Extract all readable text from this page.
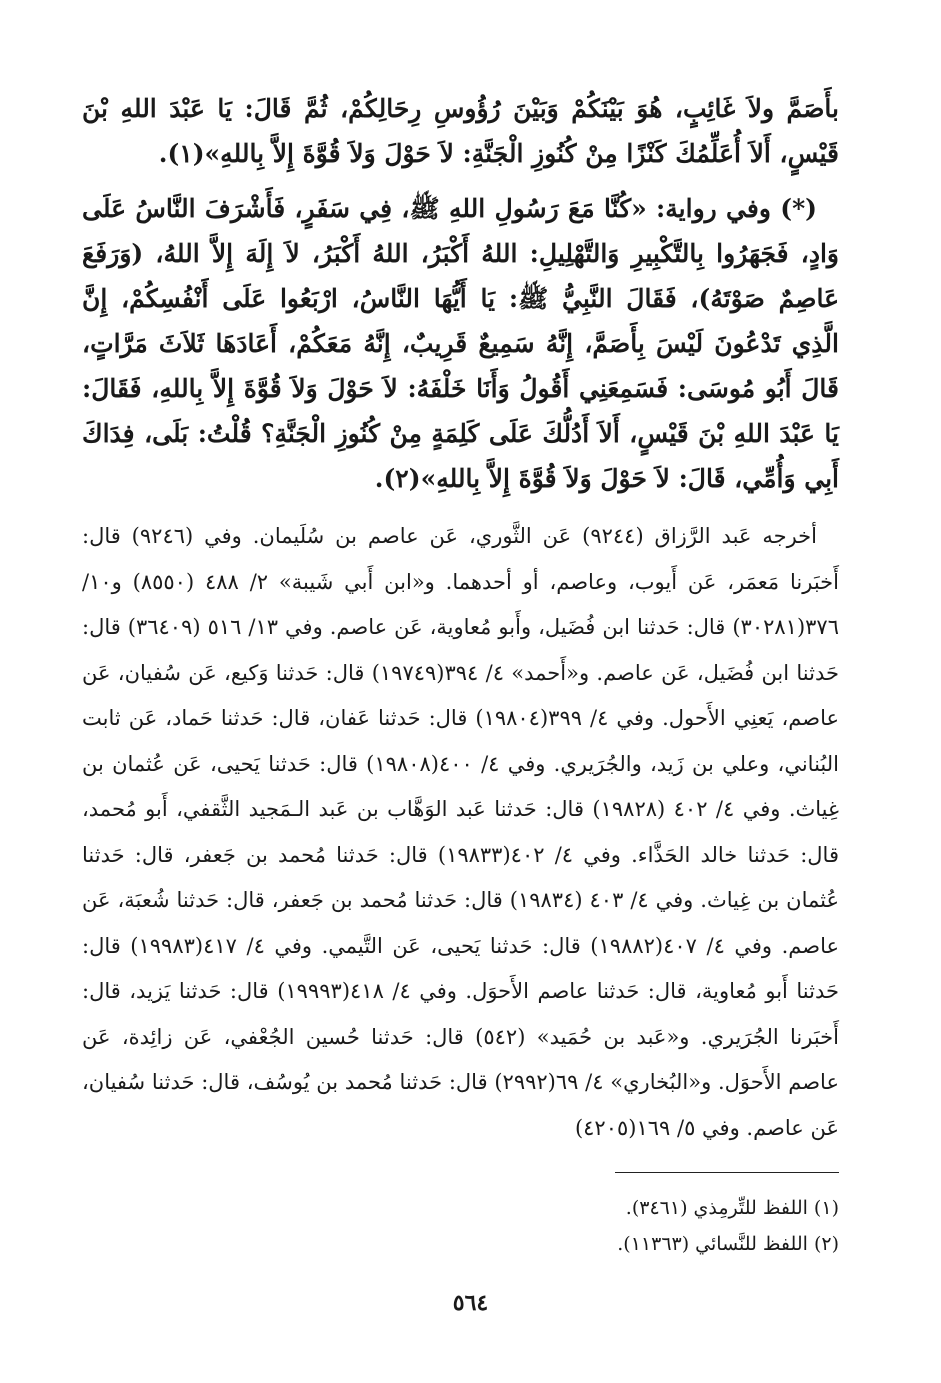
بأَصَمَّ ولاَ غَائِبٍ، هُوَ بَيْنَكُمْ وَبَيْنَ رُؤُوسِ رِحَالِكُمْ، ثُمَّ قَالَ: يَا عَبْدَ اللهِ بْنَ قَيْسٍ، أَلاَ أُعَلِّمُكَ كَنْزًا مِنْ كُنُوزِ الْجَنَّةِ: لاَ حَوْلَ وَلاَ قُوَّةَ إِلاَّ بِاللهِ»(١).

(*) وفي رواية: «كُنَّا مَعَ رَسُولِ اللهِ ﷺ، فِي سَفَرٍ، فَأَشْرَفَ النَّاسُ عَلَى وَادٍ، فَجَهَرُوا بِالتَّكْبِيرِ وَالتَّهْلِيلِ: اللهُ أَكْبَرُ، اللهُ أَكْبَرُ، لاَ إِلَهَ إِلاَّ اللهُ، (وَرَفَعَ عَاصِمٌ صَوْتَهُ)، فَقَالَ النَّبِيُّ ﷺ: يَا أَيُّهَا النَّاسُ، ارْبَعُوا عَلَى أَنْفُسِكُمْ، إِنَّ الَّذِي تَدْعُونَ لَيْسَ بِأَصَمَّ، إِنَّهُ سَمِيعٌ قَرِيبٌ، إِنَّهُ مَعَكُمْ، أَعَادَهَا ثَلاَثَ مَرَّاتٍ، قَالَ أَبُو مُوسَى: فَسَمِعَنِي أَقُولُ وَأَنَا خَلْفَهُ: لاَ حَوْلَ وَلاَ قُوَّةَ إِلاَّ بِاللهِ، فَقَالَ: يَا عَبْدَ اللهِ بْنَ قَيْسٍ، أَلاَ أَدُلُّكَ عَلَى كَلِمَةٍ مِنْ كُنُوزِ الْجَنَّةِ؟ قُلْتُ: بَلَى، فِدَاكَ أَبِي وَأُمِّي، قَالَ: لاَ حَوْلَ وَلاَ قُوَّةَ إِلاَّ بِاللهِ»(٢).

أخرجه عَبد الرَّزاق (٩٢٤٤) عَن الثَّوري، عَن عاصم بن سُلَيمان. وفي (٩٢٤٦) قال: أَخبَرنا مَعمَر، عَن أَيوب، وعاصم، أو أحدهما. و«ابن أَبي شَيبة» ٢/ ٤٨٨ (٨٥٥٠) و١٠/ ٣٧٦(٣٠٢٨١) قال: حَدثنا ابن فُضَيل، وأَبو مُعاوية، عَن عاصم. وفي ١٣/ ٥١٦ (٣٦٤٠٩) قال: حَدثنا ابن فُضَيل، عَن عاصم. و«أَحمد» ٤/ ٣٩٤(١٩٧٤٩) قال: حَدثنا وَكيع، عَن سُفيان، عَن عاصم، يَعنِي الأَحول. وفي ٤/ ٣٩٩(١٩٨٠٤) قال: حَدثنا عَفان، قال: حَدثنا حَماد، عَن ثابت البُناني، وعلي بن زَيد، والجُرَيري. وفي ٤/ ٤٠٠(١٩٨٠٨) قال: حَدثنا يَحيى، عَن عُثمان بن غِياث. وفي ٤/ ٤٠٢ (١٩٨٢٨) قال: حَدثنا عَبد الوَهَّاب بن عَبد الـمَجيد الثَّقفي، أَبو مُحمد، قال: حَدثنا خالد الحَذَّاء. وفي ٤/ ٤٠٢(١٩٨٣٣) قال: حَدثنا مُحمد بن جَعفر، قال: حَدثنا عُثمان بن غِياث. وفي ٤/ ٤٠٣ (١٩٨٣٤) قال: حَدثنا مُحمد بن جَعفر، قال: حَدثنا شُعبَة، عَن عاصم. وفي ٤/ ٤٠٧(١٩٨٨٢) قال: حَدثنا يَحيى، عَن التَّيمي. وفي ٤/ ٤١٧(١٩٩٨٣) قال: حَدثنا أَبو مُعاوية، قال: حَدثنا عاصم الأَحوَل. وفي ٤/ ٤١٨(١٩٩٩٣) قال: حَدثنا يَزيد، قال: أَخبَرنا الجُرَيري. و«عَبد بن حُمَيد» (٥٤٢) قال: حَدثنا حُسين الجُعْفي، عَن زائِدة، عَن عاصم الأَحوَل. و«البُخاري» ٤/ ٦٩(٢٩٩٢) قال: حَدثنا مُحمد بن يُوسُف، قال: حَدثنا سُفيان، عَن عاصم. وفي ٥/ ١٦٩(٤٢٠٥)

(١) اللفظ للتِّرمِذي (٣٤٦١).
(٢) اللفظ للنَّسائي (١١٣٦٣).
٥٦٤
